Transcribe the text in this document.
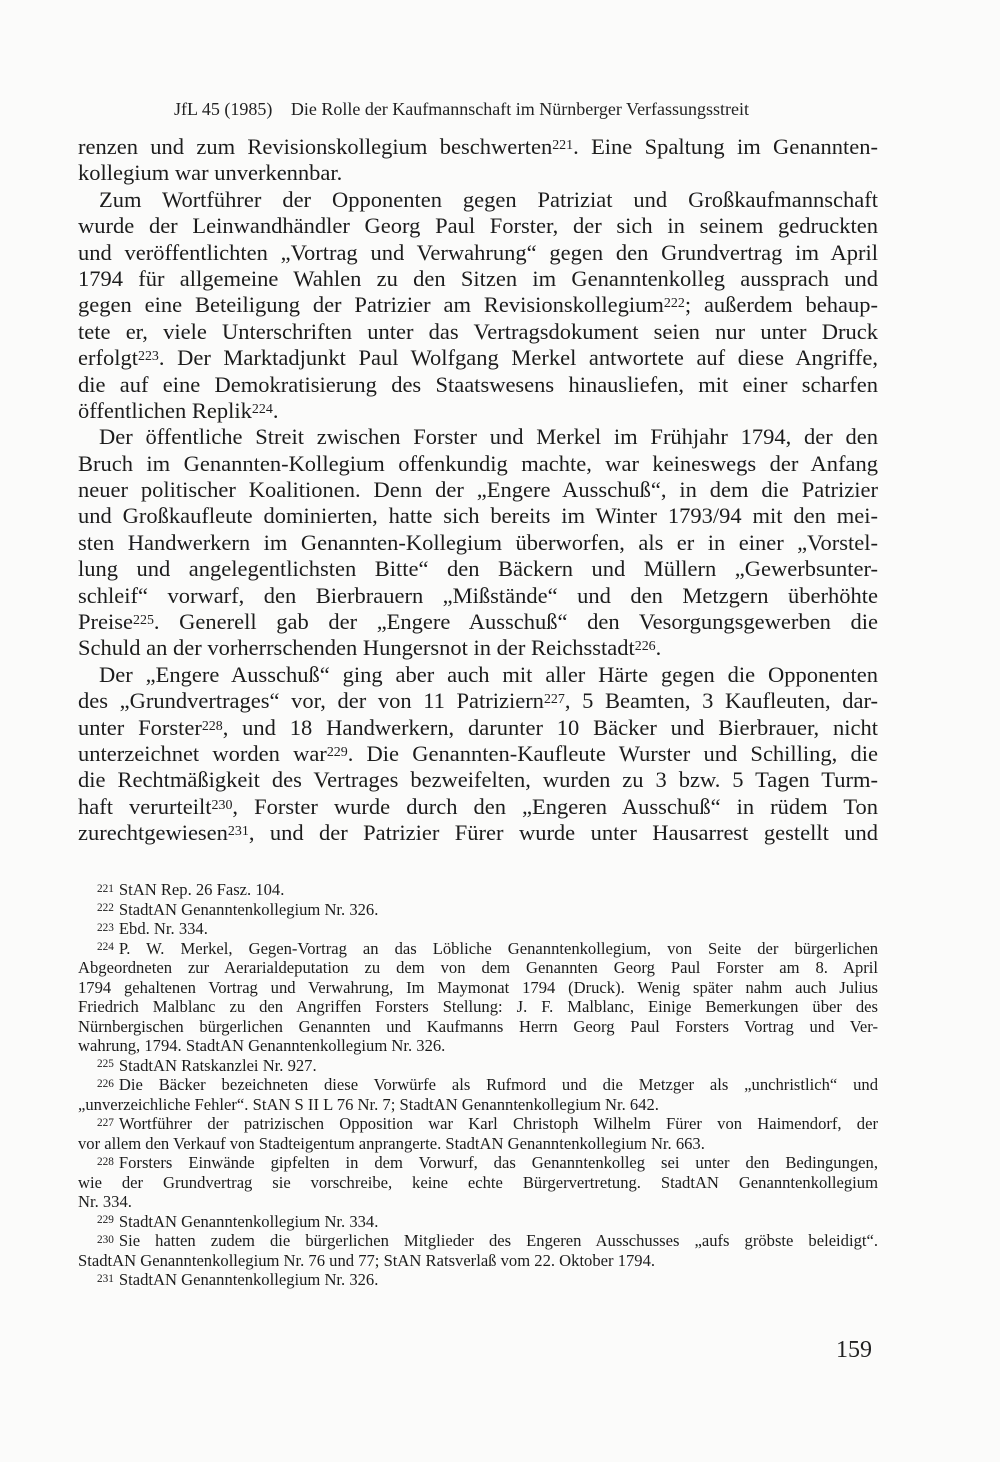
JfL 45 (1985) Die Rolle der Kaufmannschaft im Nürnberger Verfassungsstreit
renzen und zum Revisionskollegium beschwerten$^{221}$. Eine Spaltung im Genannten-
kollegium war unverkennbar.
Zum Wortführer der Opponenten gegen Patriziat und Großkaufmannschaft
wurde der Leinwandhändler Georg Paul Forster, der sich in seinem gedruckten
und veröffentlichten „Vortrag und Verwahrung“ gegen den Grundvertrag im April
1794 für allgemeine Wahlen zu den Sitzen im Genanntenkolleg aussprach und
gegen eine Beteiligung der Patrizier am Revisionskollegium$^{222}$; außerdem behaup-
tete er, viele Unterschriften unter das Vertragsdokument seien nur unter Druck
erfolgt$^{223}$. Der Marktadjunkt Paul Wolfgang Merkel antwortete auf diese Angriffe,
die auf eine Demokratisierung des Staatswesens hinausliefen, mit einer scharfen
öffentlichen Replik$^{224}$.
Der öffentliche Streit zwischen Forster und Merkel im Frühjahr 1794, der den
Bruch im Genannten-Kollegium offenkundig machte, war keineswegs der Anfang
neuer politischer Koalitionen. Denn der „Engere Ausschuß“, in dem die Patrizier
und Großkaufleute dominierten, hatte sich bereits im Winter 1793/94 mit den mei-
sten Handwerkern im Genannten-Kollegium überworfen, als er in einer „Vorstel-
lung und angelegentlichsten Bitte“ den Bäckern und Müllern „Gewerbsunter-
schleif“ vorwarf, den Bierbrauern „Mißstände“ und den Metzgern überhöhte
Preise$^{225}$. Generell gab der „Engere Ausschuß“ den Vesorgungsgewerben die
Schuld an der vorherrschenden Hungersnot in der Reichsstadt$^{226}$.
Der „Engere Ausschuß“ ging aber auch mit aller Härte gegen die Opponenten
des „Grundvertrages“ vor, der von 11 Patriziern$^{227}$, 5 Beamten, 3 Kaufleuten, dar-
unter Forster$^{228}$, und 18 Handwerkern, darunter 10 Bäcker und Bierbrauer, nicht
unterzeichnet worden war$^{229}$. Die Genannten-Kaufleute Wurster und Schilling, die
die Rechtmäßigkeit des Vertrages bezweifelten, wurden zu 3 bzw. 5 Tagen Turm-
haft verurteilt$^{230}$, Forster wurde durch den „Engeren Ausschuß“ in rüdem Ton
zurechtgewiesen$^{231}$, und der Patrizier Fürer wurde unter Hausarrest gestellt und
$^{221}$ StAN Rep. 26 Fasz. 104.
$^{222}$ StadtAN Genanntenkollegium Nr. 326.
$^{223}$ Ebd. Nr. 334.
$^{224}$ P. W. Merkel, Gegen-Vortrag an das Löbliche Genanntenkollegium, von Seite der bürgerlichen
Abgeordneten zur Aerarialdeputation zu dem von dem Genannten Georg Paul Forster am 8. April
1794 gehaltenen Vortrag und Verwahrung, Im Maymonat 1794 (Druck). Wenig später nahm auch Julius
Friedrich Malblanc zu den Angriffen Forsters Stellung: J. F. Malblanc, Einige Bemerkungen über des
Nürnbergischen bürgerlichen Genannten und Kaufmanns Herrn Georg Paul Forsters Vortrag und Ver-
wahrung, 1794. StadtAN Genanntenkollegium Nr. 326.
$^{225}$ StadtAN Ratskanzlei Nr. 927.
$^{226}$ Die Bäcker bezeichneten diese Vorwürfe als Rufmord und die Metzger als „unchristlich“ und
„unverzeichliche Fehler“. StAN S II L 76 Nr. 7; StadtAN Genanntenkollegium Nr. 642.
$^{227}$ Wortführer der patrizischen Opposition war Karl Christoph Wilhelm Fürer von Haimendorf, der
vor allem den Verkauf von Stadteigentum anprangerte. StadtAN Genanntenkollegium Nr. 663.
$^{228}$ Forsters Einwände gipfelten in dem Vorwurf, das Genanntenkolleg sei unter den Bedingungen,
wie der Grundvertrag sie vorschreibe, keine echte Bürgervertretung. StadtAN Genanntenkollegium
Nr. 334.
$^{229}$ StadtAN Genanntenkollegium Nr. 334.
$^{230}$ Sie hatten zudem die bürgerlichen Mitglieder des Engeren Ausschusses „aufs gröbste beleidigt“.
StadtAN Genanntenkollegium Nr. 76 und 77; StAN Ratsverlaß vom 22. Oktober 1794.
$^{231}$ StadtAN Genanntenkollegium Nr. 326.
159
